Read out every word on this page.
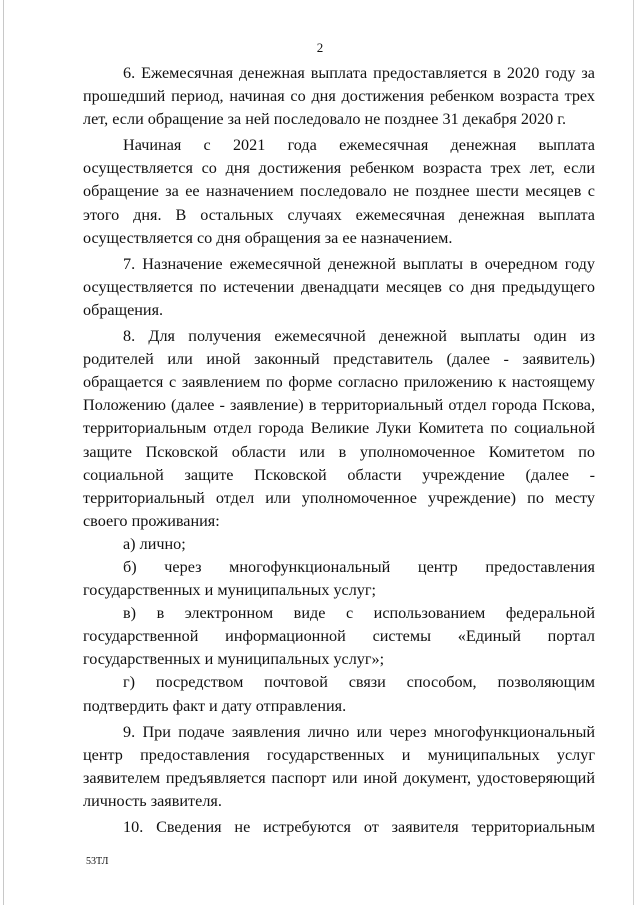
2

6. Ежемесячная денежная выплата предоставляется в 2020 году за прошедший период, начиная со дня достижения ребенком возраста трех лет, если обращение за ней последовало не позднее 31 декабря 2020 г.

Начиная с 2021 года ежемесячная денежная выплата осуществляется со дня достижения ребенком возраста трех лет, если обращение за ее назначением последовало не позднее шести месяцев с этого дня. В остальных случаях ежемесячная денежная выплата осуществляется со дня обращения за ее назначением.

7. Назначение ежемесячной денежной выплаты в очередном году осуществляется по истечении двенадцати месяцев со дня предыдущего обращения.

8. Для получения ежемесячной денежной выплаты один из родителей или иной законный представитель (далее - заявитель) обращается с заявлением по форме согласно приложению к настоящему Положению (далее - заявление) в территориальный отдел города Пскова, территориальным отдел города Великие Луки Комитета по социальной защите Псковской области или в уполномоченное Комитетом по социальной защите Псковской области учреждение (далее - территориальный отдел или уполномоченное учреждение) по месту своего проживания:

а) лично;

б) через многофункциональный центр предоставления государственных и муниципальных услуг;

в) в электронном виде с использованием федеральной государственной информационной системы «Единый портал государственных и муниципальных услуг»;

г) посредством почтовой связи способом, позволяющим подтвердить факт и дату отправления.

9. При подаче заявления лично или через многофункциональный центр предоставления государственных и муниципальных услуг заявителем предъявляется паспорт или иной документ, удостоверяющий личность заявителя.

10. Сведения не истребуются от заявителя территориальным

53ТЛ
